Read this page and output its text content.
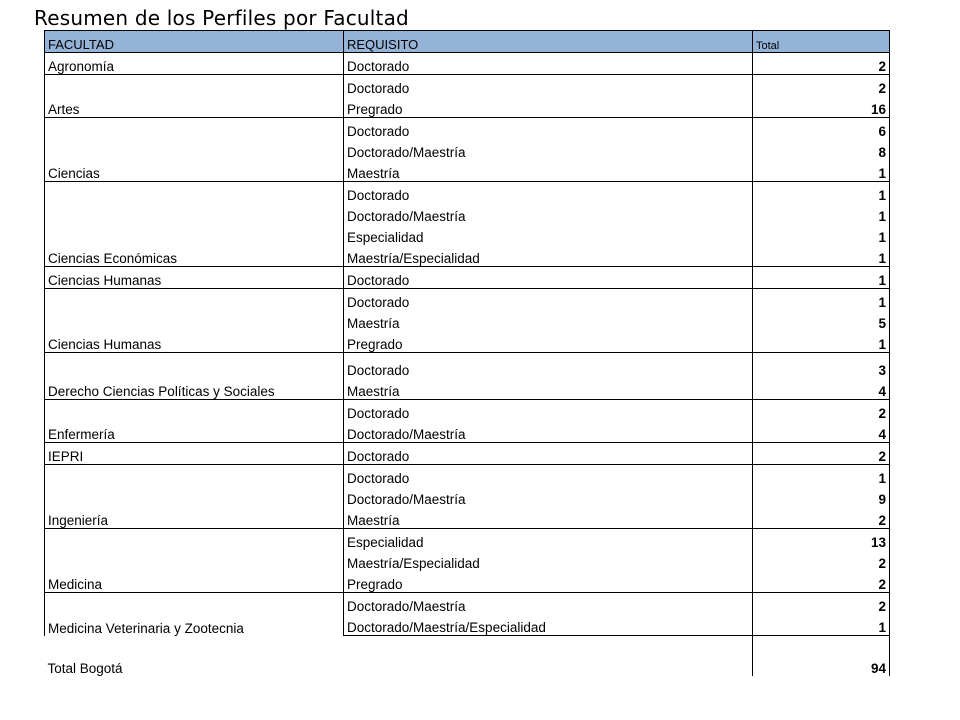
Resumen de los Perfiles por Facultad
FACULTAD	REQUISITO	Total
Agronomía	Doctorado	2
Artes	Doctorado	2
	Pregrado	16
Ciencias	Doctorado	6
	Doctorado/Maestría	8
	Maestría	1
Ciencias Económicas	Doctorado	1
	Doctorado/Maestría	1
	Especialidad	1
	Maestría/Especialidad	1
Ciencias Humanas	Doctorado	1
Ciencias Humanas	Doctorado	1
	Maestría	5
	Pregrado	1
Derecho Ciencias Políticas y Sociales	Doctorado	3
	Maestría	4
Enfermería	Doctorado	2
	Doctorado/Maestría	4
IEPRI	Doctorado	2
Ingeniería	Doctorado	1
	Doctorado/Maestría	9
	Maestría	2
Medicina	Especialidad	13
	Maestría/Especialidad	2
	Pregrado	2
Medicina Veterinaria y Zootecnia	Doctorado/Maestría	2
	Doctorado/Maestría/Especialidad	1
Total Bogotá		94
